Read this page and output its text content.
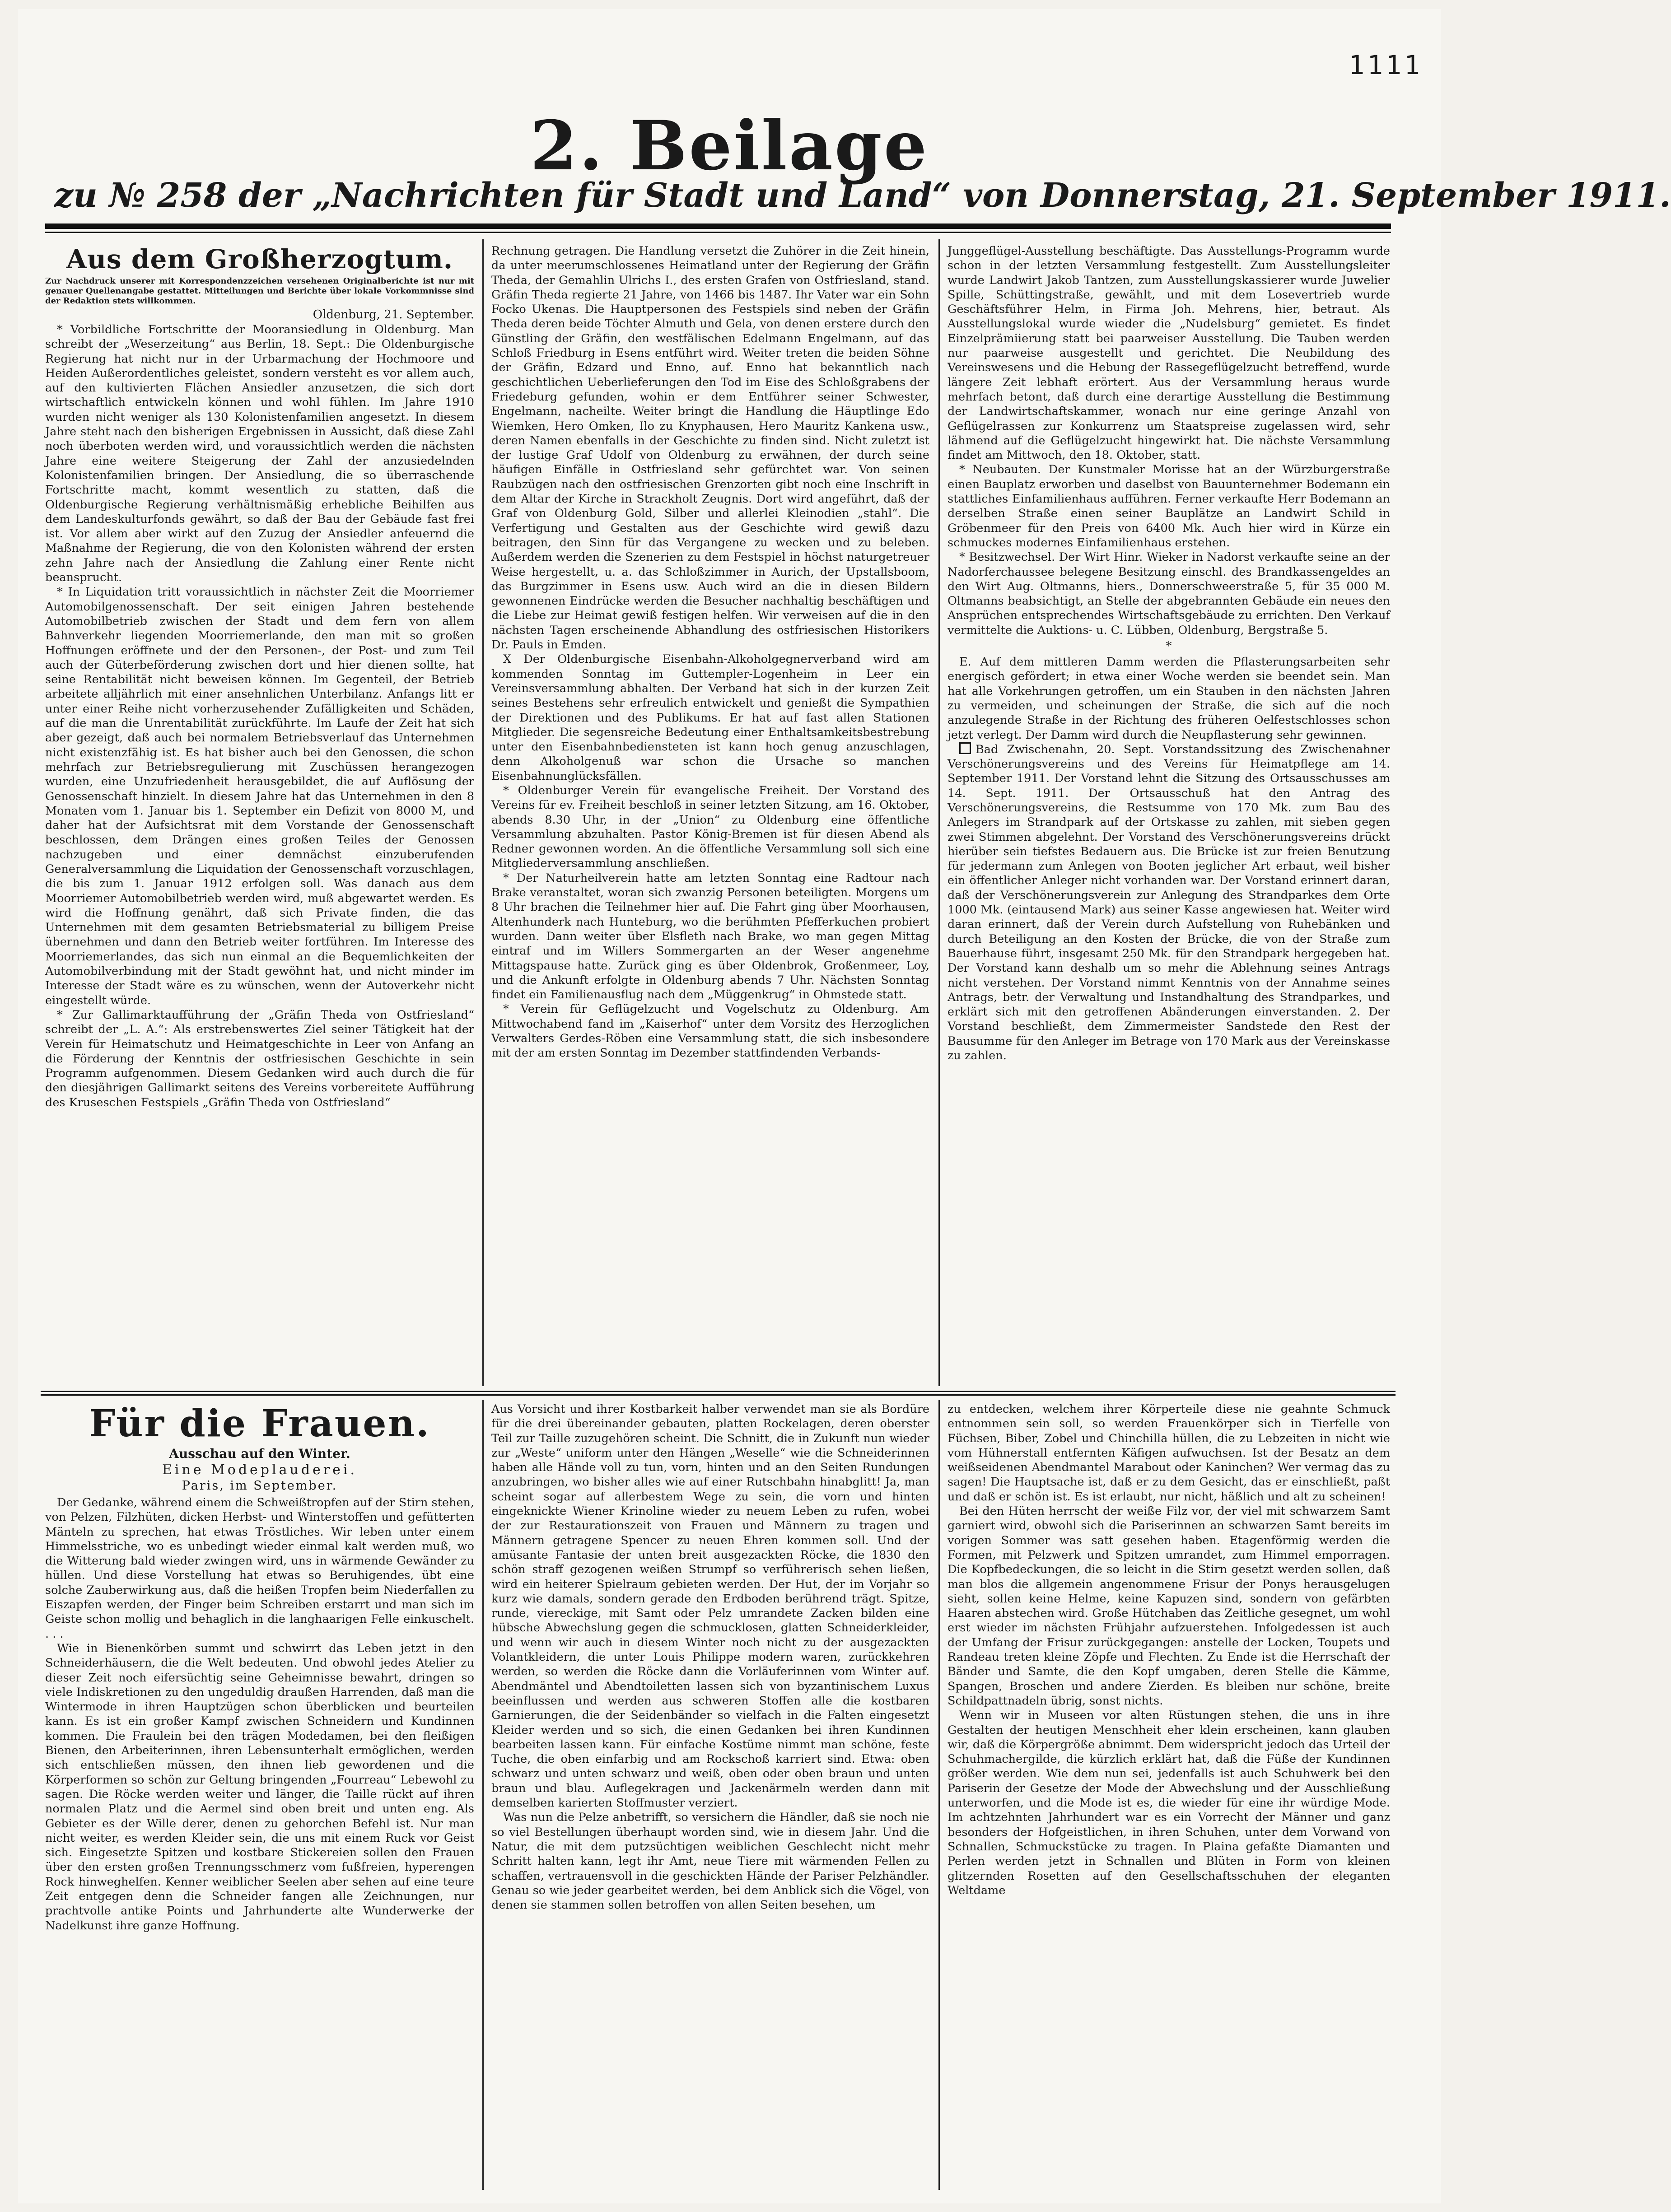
1111
2. Beilage
zu № 258 der „Nachrichten für Stadt und Land“ von Donnerstag, 21. September 1911.
Aus dem Großherzogtum.
Zur Nachdruck unserer mit Korrespondenzzeichen versehenen Originalberichte ist nur mit genauer Quellenangabe gestattet. Mitteilungen und Berichte über lokale Vorkommnisse sind der Redaktion stets willkommen.
Oldenburg, 21. September.

* Vorbildliche Fortschritte der Mooransiedlung in Oldenburg. Man schreibt der „Weserzeitung“ aus Berlin, 18. Sept.: Die Oldenburgische Regierung hat nicht nur in der Urbarmachung der Hochmoore und Heiden Außerordentliches geleistet, sondern versteht es vor allem auch, auf den kultivierten Flächen Ansiedler anzusetzen, die sich dort wirtschaftlich entwickeln können und wohl fühlen. Im Jahre 1910 wurden nicht weniger als 130 Kolonistenfamilien angesetzt. In diesem Jahre steht nach den bisherigen Ergebnissen in Aussicht, daß diese Zahl noch überboten werden wird, und voraussichtlich werden die nächsten Jahre eine weitere Steigerung der Zahl der anzusiedelnden Kolonistenfamilien bringen. Der Ansiedlung, die so überraschende Fortschritte macht, kommt wesentlich zu statten, daß die Oldenburgische Regierung verhältnismäßig erhebliche Beihilfen aus dem Landeskulturfonds gewährt, so daß der Bau der Gebäude fast frei ist. Vor allem aber wirkt auf den Zuzug der Ansiedler anfeuernd die Maßnahme der Regierung, die von den Kolonisten während der ersten zehn Jahre nach der Ansiedlung die Zahlung einer Rente nicht beansprucht.

* In Liquidation tritt voraussichtlich in nächster Zeit die Moorriemer Automobilgenossenschaft. Der seit einigen Jahren bestehende Automobilbetrieb zwischen der Stadt und dem fern von allem Bahnverkehr liegenden Moorriemerlande, den man mit so großen Hoffnungen eröffnete und der den Personen-, der Post- und zum Teil auch der Güterbeförderung zwischen dort und hier dienen sollte, hat seine Rentabilität nicht beweisen können. Im Gegenteil, der Betrieb arbeitete alljährlich mit einer ansehnlichen Unterbilanz. Anfangs litt er unter einer Reihe nicht vorherzusehender Zufälligkeiten und Schäden, auf die man die Unrentabilität zurückführte. Im Laufe der Zeit hat sich aber gezeigt, daß auch bei normalem Betriebsverlauf das Unternehmen nicht existenzfähig ist. Es hat bisher auch bei den Genossen, die schon mehrfach zur Betriebsregulierung mit Zuschüssen herangezogen wurden, eine Unzufriedenheit herausgebildet, die auf Auflösung der Genossenschaft hinzielt. In diesem Jahre hat das Unternehmen in den 8 Monaten vom 1. Januar bis 1. September ein Defizit von 8000 M, und daher hat der Aufsichtsrat mit dem Vorstande der Genossenschaft beschlossen, dem Drängen eines großen Teiles der Genossen nachzugeben und einer demnächst einzuberufenden Generalversammlung die Liquidation der Genossenschaft vorzuschlagen, die bis zum 1. Januar 1912 erfolgen soll. Was danach aus dem Moorriemer Automobilbetrieb werden wird, muß abgewartet werden. Es wird die Hoffnung genährt, daß sich Private finden, die das Unternehmen mit dem gesamten Betriebsmaterial zu billigem Preise übernehmen und dann den Betrieb weiter fortführen. Im Interesse des Moorriemerlandes, das sich nun einmal an die Bequemlichkeiten der Automobilverbindung mit der Stadt gewöhnt hat, und nicht minder im Interesse der Stadt wäre es zu wünschen, wenn der Autoverkehr nicht eingestellt würde.

* Zur Gallimarktaufführung der „Gräfin Theda von Ostfriesland“ schreibt der „L. A.“: Als erstrebenswertes Ziel seiner Tätigkeit hat der Verein für Heimatschutz und Heimatgeschichte in Leer von Anfang an die Förderung der Kenntnis der ostfriesischen Geschichte in sein Programm aufgenommen. Diesem Gedanken wird auch durch die für den diesjährigen Gallimarkt seitens des Vereins vorbereitete Aufführung des Kruseschen Festspiels „Gräfin Theda von Ostfriesland“

Rechnung getragen. Die Handlung versetzt die Zuhörer in die Zeit hinein, da unter meerumschlossenes Heimatland unter der Regierung der Gräfin Theda, der Gemahlin Ulrichs I., des ersten Grafen von Ostfriesland, stand. Gräfin Theda regierte 21 Jahre, von 1466 bis 1487. Ihr Vater war ein Sohn Focko Ukenas. Die Hauptpersonen des Festspiels sind neben der Gräfin Theda deren beide Töchter Almuth und Gela, von denen erstere durch den Günstling der Gräfin, den westfälischen Edelmann Engelmann, auf das Schloß Friedburg in Esens entführt wird. Weiter treten die beiden Söhne der Gräfin, Edzard und Enno, auf. Enno hat bekanntlich nach geschichtlichen Ueberlieferungen den Tod im Eise des Schloßgrabens der Friedeburg gefunden, wohin er dem Entführer seiner Schwester, Engelmann, nacheilte. Weiter bringt die Handlung die Häuptlinge Edo Wiemken, Hero Omken, Ilo zu Knyphausen, Hero Mauritz Kankena usw., deren Namen ebenfalls in der Geschichte zu finden sind. Nicht zuletzt ist der lustige Graf Udolf von Oldenburg zu erwähnen, der durch seine häufigen Einfälle in Ostfriesland sehr gefürchtet war. Von seinen Raubzügen nach den ostfriesischen Grenzorten gibt noch eine Inschrift in dem Altar der Kirche in Strackholt Zeugnis. Dort wird angeführt, daß der Graf von Oldenburg Gold, Silber und allerlei Kleinodien „stahl“. Die Verfertigung und Gestalten aus der Geschichte wird gewiß dazu beitragen, den Sinn für das Vergangene zu wecken und zu beleben. Außerdem werden die Szenerien zu dem Festspiel in höchst naturgetreuer Weise hergestellt, u. a. das Schloßzimmer in Aurich, der Upstallsboom, das Burgzimmer in Esens usw. Auch wird an die in diesen Bildern gewonnenen Eindrücke werden die Besucher nachhaltig beschäftigen und die Liebe zur Heimat gewiß festigen helfen. Wir verweisen auf die in den nächsten Tagen erscheinende Abhandlung des ostfriesischen Historikers Dr. Pauls in Emden.

X Der Oldenburgische Eisenbahn-Alkoholgegnerverband wird am kommenden Sonntag im Guttempler-Logenheim in Leer ein Vereinsversammlung abhalten. Der Verband hat sich in der kurzen Zeit seines Bestehens sehr erfreulich entwickelt und genießt die Sympathien der Direktionen und des Publikums. Er hat auf fast allen Stationen Mitglieder. Die segensreiche Bedeutung einer Enthaltsamkeitsbestrebung unter den Eisenbahnbediensteten ist kann hoch genug anzuschlagen, denn Alkoholgenuß war schon die Ursache so manchen Eisenbahnunglücksfällen.

* Oldenburger Verein für evangelische Freiheit. Der Vorstand des Vereins für ev. Freiheit beschloß in seiner letzten Sitzung, am 16. Oktober, abends 8.30 Uhr, in der „Union“ zu Oldenburg eine öffentliche Versammlung abzuhalten. Pastor König-Bremen ist für diesen Abend als Redner gewonnen worden. An die öffentliche Versammlung soll sich eine Mitgliederversammlung anschließen.

* Der Naturheilverein hatte am letzten Sonntag eine Radtour nach Brake veranstaltet, woran sich zwanzig Personen beteiligten. Morgens um 8 Uhr brachen die Teilnehmer hier auf. Die Fahrt ging über Moorhausen, Altenhunderk nach Hunteburg, wo die berühmten Pfefferkuchen probiert wurden. Dann weiter über Elsfleth nach Brake, wo man gegen Mittag eintraf und im Willers Sommergarten an der Weser angenehme Mittagspause hatte. Zurück ging es über Oldenbrok, Großenmeer, Loy, und die Ankunft erfolgte in Oldenburg abends 7 Uhr. Nächsten Sonntag findet ein Familienausflug nach dem „Müggenkrug“ in Ohmstede statt.

* Verein für Geflügelzucht und Vogelschutz zu Oldenburg. Am Mittwochabend fand im „Kaiserhof“ unter dem Vorsitz des Herzoglichen Verwalters Gerdes-Röben eine Versammlung statt, die sich insbesondere mit der am ersten Sonntag im Dezember stattfindenden Verbands-

Junggeflügel-Ausstellung beschäftigte. Das Ausstellungs-Programm wurde schon in der letzten Versammlung festgestellt. Zum Ausstellungsleiter wurde Landwirt Jakob Tantzen, zum Ausstellungskassierer wurde Juwelier Spille, Schüttingstraße, gewählt, und mit dem Losevertrieb wurde Geschäftsführer Helm, in Firma Joh. Mehrens, hier, betraut. Als Ausstellungslokal wurde wieder die „Nudelsburg“ gemietet. Es findet Einzelprämiierung statt bei paarweiser Ausstellung. Die Tauben werden nur paarweise ausgestellt und gerichtet. Die Neubildung des Vereinswesens und die Hebung der Rassegeflügelzucht betreffend, wurde längere Zeit lebhaft erörtert. Aus der Versammlung heraus wurde mehrfach betont, daß durch eine derartige Ausstellung die Bestimmung der Landwirtschaftskammer, wonach nur eine geringe Anzahl von Geflügelrassen zur Konkurrenz um Staatspreise zugelassen wird, sehr lähmend auf die Geflügelzucht hingewirkt hat. Die nächste Versammlung findet am Mittwoch, den 18. Oktober, statt.

* Neubauten. Der Kunstmaler Morisse hat an der Würzburgerstraße einen Bauplatz erworben und daselbst von Bauunternehmer Bodemann ein stattliches Einfamilienhaus aufführen. Ferner verkaufte Herr Bodemann an derselben Straße einen seiner Bauplätze an Landwirt Schild in Gröbenmeer für den Preis von 6400 Mk. Auch hier wird in Kürze ein schmuckes modernes Einfamilienhaus erstehen.

* Besitzwechsel. Der Wirt Hinr. Wieker in Nadorst verkaufte seine an der Nadorferchaussee belegene Besitzung einschl. des Brandkassengeldes an den Wirt Aug. Oltmanns, hiers., Donnerschweerstraße 5, für 35 000 M. Oltmanns beabsichtigt, an Stelle der abgebrannten Gebäude ein neues den Ansprüchen entsprechendes Wirtschaftsgebäude zu errichten. Den Verkauf vermittelte die Auktions- u. C. Lübben, Oldenburg, Bergstraße 5.

*

E. Auf dem mittleren Damm werden die Pflasterungsarbeiten sehr energisch gefördert; in etwa einer Woche werden sie beendet sein. Man hat alle Vorkehrungen getroffen, um ein Stauben in den nächsten Jahren zu vermeiden, und scheinungen der Straße, die sich auf die noch anzulegende Straße in der Richtung des früheren Oelfestschlosses schon jetzt verlegt. Der Damm wird durch die Neupflasterung sehr gewinnen.

Bad Zwischenahn, 20. Sept. Vorstandssitzung des Zwischenahner Verschönerungsvereins und des Vereins für Heimatpflege am 14. September 1911. Der Vorstand lehnt die Sitzung des Ortsausschusses am 14. Sept. 1911. Der Ortsausschuß hat den Antrag des Verschönerungsvereins, die Restsumme von 170 Mk. zum Bau des Anlegers im Strandpark auf der Ortskasse zu zahlen, mit sieben gegen zwei Stimmen abgelehnt. Der Vorstand des Verschönerungsvereins drückt hierüber sein tiefstes Bedauern aus. Die Brücke ist zur freien Benutzung für jedermann zum Anlegen von Booten jeglicher Art erbaut, weil bisher ein öffentlicher Anleger nicht vorhanden war. Der Vorstand erinnert daran, daß der Verschönerungsverein zur Anlegung des Strandparkes dem Orte 1000 Mk. (eintausend Mark) aus seiner Kasse angewiesen hat. Weiter wird daran erinnert, daß der Verein durch Aufstellung von Ruhebänken und durch Beteiligung an den Kosten der Brücke, die von der Straße zum Bauerhause führt, insgesamt 250 Mk. für den Strandpark hergegeben hat. Der Vorstand kann deshalb um so mehr die Ablehnung seines Antrags nicht verstehen. Der Vorstand nimmt Kenntnis von der Annahme seines Antrags, betr. der Verwaltung und Instandhaltung des Strandparkes, und erklärt sich mit den getroffenen Abänderungen einverstanden. 2. Der Vorstand beschließt, dem Zimmermeister Sandstede den Rest der Bausumme für den Anleger im Betrage von 170 Mark aus der Vereinskasse zu zahlen.

Für die Frauen.
Ausschau auf den Winter.
Eine Modeplauderei.
Paris, im September.

Der Gedanke, während einem die Schweißtropfen auf der Stirn stehen, von Pelzen, Filzhüten, dicken Herbst- und Winterstoffen und gefütterten Mänteln zu sprechen, hat etwas Tröstliches. Wir leben unter einem Himmelsstriche, wo es unbedingt wieder einmal kalt werden muß, wo die Witterung bald wieder zwingen wird, uns in wärmende Gewänder zu hüllen. Und diese Vorstellung hat etwas so Beruhigendes, übt eine solche Zauberwirkung aus, daß die heißen Tropfen beim Niederfallen zu Eiszapfen werden, der Finger beim Schreiben erstarrt und man sich im Geiste schon mollig und behaglich in die langhaarigen Felle einkuschelt. . . .

Wie in Bienenkörben summt und schwirrt das Leben jetzt in den Schneiderhäusern, die die Welt bedeuten. Und obwohl jedes Atelier zu dieser Zeit noch eifersüchtig seine Geheimnisse bewahrt, dringen so viele Indiskretionen zu den ungeduldig draußen Harrenden, daß man die Wintermode in ihren Hauptzügen schon überblicken und beurteilen kann. Es ist ein großer Kampf zwischen Schneidern und Kundinnen kommen. Die Fraulein bei den trägen Modedamen, bei den fleißigen Bienen, den Arbeiterinnen, ihren Lebensunterhalt ermöglichen, werden sich entschließen müssen, den ihnen lieb gewordenen und die Körperformen so schön zur Geltung bringenden „Fourreau“ Lebewohl zu sagen. Die Röcke werden weiter und länger, die Taille rückt auf ihren normalen Platz und die Aermel sind oben breit und unten eng. Als Gebieter es der Wille derer, denen zu gehorchen Befehl ist. Nur man nicht weiter, es werden Kleider sein, die uns mit einem Ruck vor Geist sich. Eingesetzte Spitzen und kostbare Stickereien sollen den Frauen über den ersten großen Trennungsschmerz vom fußfreien, hyperengen Rock hinweghelfen. Kenner weiblicher Seelen aber sehen auf eine teure Zeit entgegen denn die Schneider fangen alle Zeichnungen, nur prachtvolle antike Points und Jahrhunderte alte Wunderwerke der Nadelkunst ihre ganze Hoffnung.

Aus Vorsicht und ihrer Kostbarkeit halber verwendet man sie als Bordüre für die drei übereinander gebauten, platten Rockelagen, deren oberster Teil zur Taille zuzugehören scheint. Die Schnitt, die in Zukunft nun wieder zur „Weste“ uniform unter den Hängen „Weselle“ wie die Schneiderinnen haben alle Hände voll zu tun, vorn, hinten und an den Seiten Rundungen anzubringen, wo bisher alles wie auf einer Rutschbahn hinabglitt! Ja, man scheint sogar auf allerbestem Wege zu sein, die vorn und hinten eingeknickte Wiener Krinoline wieder zu neuem Leben zu rufen, wobei der zur Restaurationszeit von Frauen und Männern zu tragen und Männern getragene Spencer zu neuen Ehren kommen soll. Und der amüsante Fantasie der unten breit ausgezackten Röcke, die 1830 den schön straff gezogenen weißen Strumpf so verführerisch sehen ließen, wird ein heiterer Spielraum gebieten werden. Der Hut, der im Vorjahr so kurz wie damals, sondern gerade den Erdboden berührend trägt. Spitze, runde, viereckige, mit Samt oder Pelz umrandete Zacken bilden eine hübsche Abwechslung gegen die schmucklosen, glatten Schneiderkleider, und wenn wir auch in diesem Winter noch nicht zu der ausgezackten Volantkleidern, die unter Louis Philippe modern waren, zurückkehren werden, so werden die Röcke dann die Vorläuferinnen vom Winter auf. Abendmäntel und Abendtoiletten lassen sich von byzantinischem Luxus beeinflussen und werden aus schweren Stoffen alle die kostbaren Garnierungen, die der Seidenbänder so vielfach in die Falten eingesetzt Kleider werden und so sich, die einen Gedanken bei ihren Kundinnen bearbeiten lassen kann. Für einfache Kostüme nimmt man schöne, feste Tuche, die oben einfarbig und am Rockschoß karriert sind. Etwa: oben schwarz und unten schwarz und weiß, oben oder oben braun und unten braun und blau. Auflegekragen und Jackenärmeln werden dann mit demselben karierten Stoffmuster verziert.

Was nun die Pelze anbetrifft, so versichern die Händler, daß sie noch nie so viel Bestellungen überhaupt worden sind, wie in diesem Jahr. Und die Natur, die mit dem putzsüchtigen weiblichen Geschlecht nicht mehr Schritt halten kann, legt ihr Amt, neue Tiere mit wärmenden Fellen zu schaffen, vertrauensvoll in die geschickten Hände der Pariser Pelzhändler. Genau so wie jeder gearbeitet werden, bei dem Anblick sich die Vögel, von denen sie stammen sollen betroffen von allen Seiten besehen, um

zu entdecken, welchem ihrer Körperteile diese nie geahnte Schmuck entnommen sein soll, so werden Frauenkörper sich in Tierfelle von Füchsen, Biber, Zobel und Chinchilla hüllen, die zu Lebzeiten in nicht wie vom Hühnerstall entfernten Käfigen aufwuchsen. Ist der Besatz an dem weißseidenen Abendmantel Marabout oder Kaninchen? Wer vermag das zu sagen! Die Hauptsache ist, daß er zu dem Gesicht, das er einschließt, paßt und daß er schön ist. Es ist erlaubt, nur nicht, häßlich und alt zu scheinen!

Bei den Hüten herrscht der weiße Filz vor, der viel mit schwarzem Samt garniert wird, obwohl sich die Pariserinnen an schwarzen Samt bereits im vorigen Sommer was satt gesehen haben. Etagenförmig werden die Formen, mit Pelzwerk und Spitzen umrandet, zum Himmel emporragen. Die Kopfbedeckungen, die so leicht in die Stirn gesetzt werden sollen, daß man blos die allgemein angenommene Frisur der Ponys herausgelugen sieht, sollen keine Helme, keine Kapuzen sind, sondern von gefärbten Haaren abstechen wird. Große Hütchaben das Zeitliche gesegnet, um wohl erst wieder im nächsten Frühjahr aufzuerstehen. Infolgedessen ist auch der Umfang der Frisur zurückgegangen: anstelle der Locken, Toupets und Randeau treten kleine Zöpfe und Flechten. Zu Ende ist die Herrschaft der Bänder und Samte, die den Kopf umgaben, deren Stelle die Kämme, Spangen, Broschen und andere Zierden. Es bleiben nur schöne, breite Schildpattnadeln übrig, sonst nichts.

Wenn wir in Museen vor alten Rüstungen stehen, die uns in ihre Gestalten der heutigen Menschheit eher klein erscheinen, kann glauben wir, daß die Körpergröße abnimmt. Dem widerspricht jedoch das Urteil der Schuhmachergilde, die kürzlich erklärt hat, daß die Füße der Kundinnen größer werden. Wie dem nun sei, jedenfalls ist auch Schuhwerk bei den Pariserin der Gesetze der Mode der Abwechslung und der Ausschließung unterworfen, und die Mode ist es, die wieder für eine ihr würdige Mode. Im achtzehnten Jahrhundert war es ein Vorrecht der Männer und ganz besonders der Hofgeistlichen, in ihren Schuhen, unter dem Vorwand von Schnallen, Schmuckstücke zu tragen. In Plaina gefaßte Diamanten und Perlen werden jetzt in Schnallen und Blüten in Form von kleinen glitzernden Rosetten auf den Gesellschaftsschuhen der eleganten Weltdame
